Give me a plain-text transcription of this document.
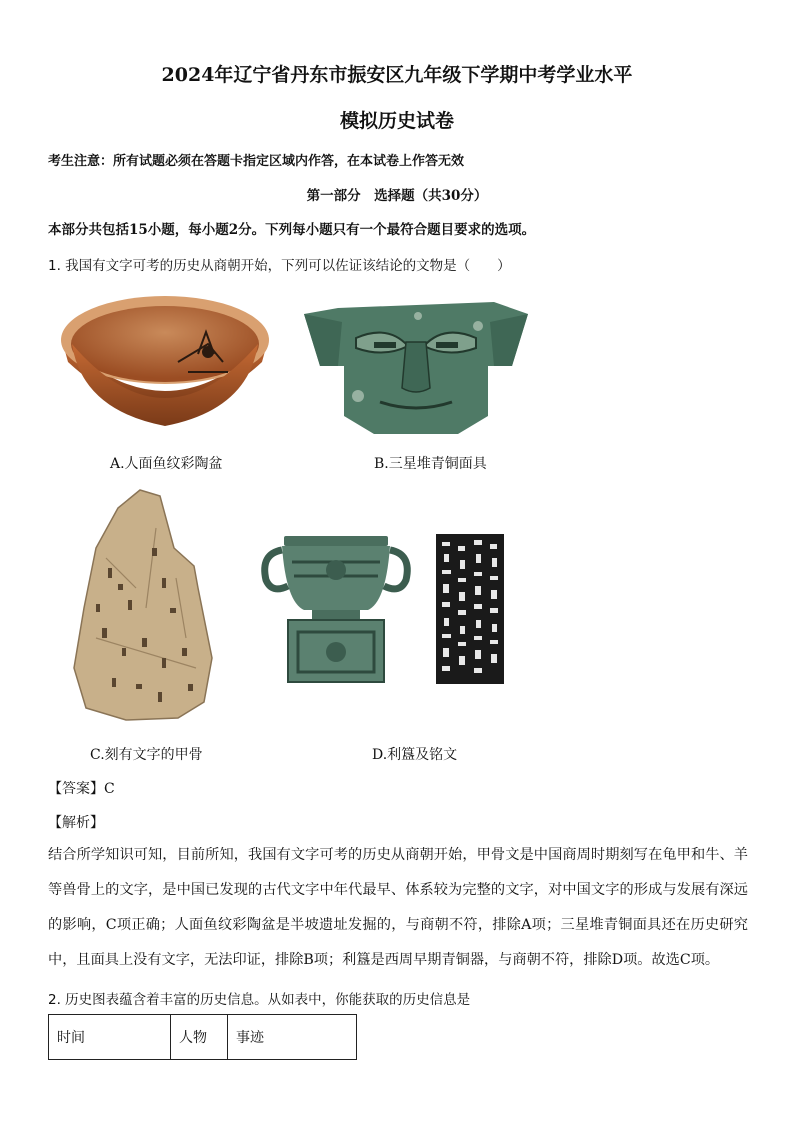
2024年辽宁省丹东市振安区九年级下学期中考学业水平
模拟历史试卷
考生注意：所有试题必须在答题卡指定区域内作答，在本试卷上作答无效
第一部分　选择题（共30分）
本部分共包括15小题，每小题2分。下列每小题只有一个最符合题目要求的选项。
1. 我国有文字可考的历史从商朝开始，下列可以佐证该结论的文物是（　　）
A.人面鱼纹彩陶盆	B.三星堆青铜面具
C.刻有文字的甲骨	D.利簋及铭文
【答案】C
【解析】
结合所学知识可知，目前所知，我国有文字可考的历史从商朝开始，甲骨文是中国商周时期刻写在龟甲和牛、羊等兽骨上的文字，是中国已发现的古代文字中年代最早、体系较为完整的文字，对中国文字的形成与发展有深远的影响，C项正确；人面鱼纹彩陶盆是半坡遗址发掘的，与商朝不符，排除A项；三星堆青铜面具还在历史研究中，且面具上没有文字，无法印证，排除B项；利簋是西周早期青铜器，与商朝不符，排除D项。故选C项。
2. 历史图表蕴含着丰富的历史信息。从如表中，你能获取的历史信息是
时间	人物	事迹
